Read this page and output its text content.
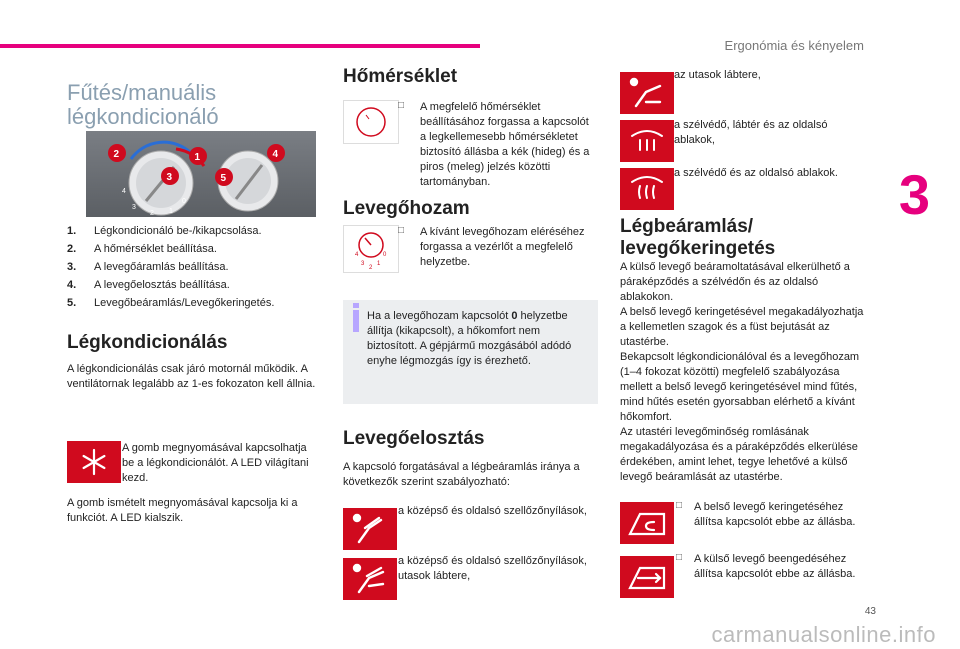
Ergonómia és kényelem
3
43
carmanualsonline.info
Fűtés/manuális légkondicionáló
1
2
3
4
5
4
3
2 1
0
1. Légkondicionáló be-/kikapcsolása.
2. A hőmérséklet beállítása.
3. A levegőáramlás beállítása.
4. A levegőelosztás beállítása.
5. Levegőbeáramlás/Levegőkeringetés.
Légkondicionálás

A légkondicionálás csak járó motornál működik. A ventilátornak legalább az 1-es fokozaton kell állnia.

A gomb megnyomásával kapcsolhatja be a légkondicionálót. A LED világítani kezd.

A gomb ismételt megnyomásával kapcsolja ki a funkciót. A LED kialszik.

Hőmérséklet
□ A megfelelő hőmérséklet beállításához forgassa a kapcsolót a legkellemesebb hőmérsékletet biztosító állásba a kék (hideg) és a piros (meleg) jelzés közötti tartományban.

Levegőhozam
4
3
2
1
0
□ A kívánt levegőhozam eléréséhez forgassa a vezérlőt a megfelelő helyzetbe.

Ha a levegőhozam kapcsolót 0 helyzetbe állítja (kikapcsolt), a hőkomfort nem biztosított. A gépjármű mozgásából adódó enyhe légmozgás így is érezhető.

Levegőelosztás

A kapcsoló forgatásával a légbeáramlás iránya a következők szerint szabályozható:

a középső és oldalsó szellőzőnyílások,

a középső és oldalsó szellőzőnyílások, utasok lábtere,

az utasok lábtere,

a szélvédő, lábtér és az oldalsó ablakok,

a szélvédő és az oldalsó ablakok.

Légbeáramlás/ levegőkeringetés

A külső levegő beáramoltatásával elkerülhető a páraképződés a szélvédőn és az oldalsó ablakokon.
A belső levegő keringetésével megakadályozhatja a kellemetlen szagok és a füst bejutását az utastérbe.
Bekapcsolt légkondicionálóval és a levegőhozam (1–4 fokozat közötti) megfelelő szabályozása mellett a belső levegő keringetésével mind fűtés, mind hűtés esetén gyorsabban elérhető a kívánt hőkomfort.
Az utastéri levegőminőség romlásának megakadályozása és a páraképződés elkerülése érdekében, amint lehet, tegye lehetővé a külső levegő beáramlását az utastérbe.

□ A belső levegő keringetéséhez állítsa kapcsolót ebbe az állásba.

□ A külső levegő beengedéséhez állítsa kapcsolót ebbe az állásba.
